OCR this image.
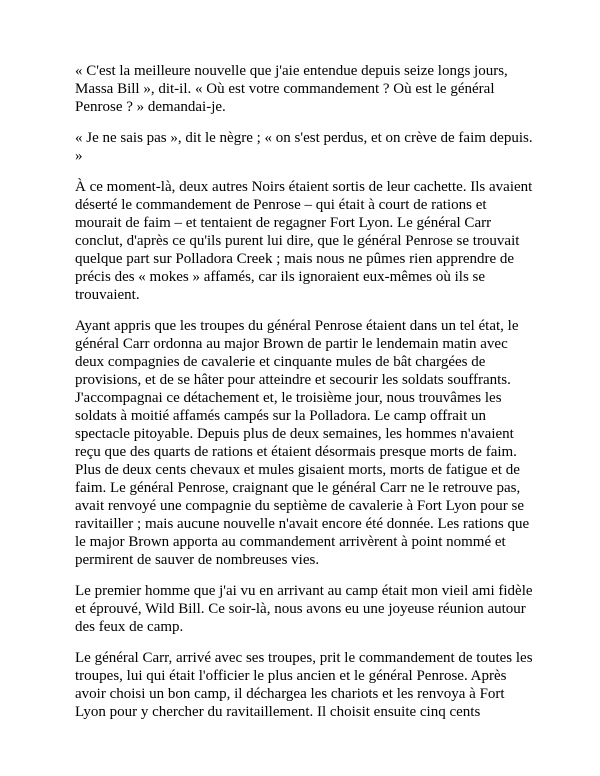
« C'est la meilleure nouvelle que j'aie entendue depuis seize longs jours,
Massa Bill », dit-il. « Où est votre commandement ? Où est le général
Penrose ? » demandai-je.

« Je ne sais pas », dit le nègre ; « on s'est perdus, et on crève de faim depuis.
»

À ce moment-là, deux autres Noirs étaient sortis de leur cachette. Ils avaient
déserté le commandement de Penrose – qui était à court de rations et
mourait de faim – et tentaient de regagner Fort Lyon. Le général Carr
conclut, d'après ce qu'ils purent lui dire, que le général Penrose se trouvait
quelque part sur Polladora Creek ; mais nous ne pûmes rien apprendre de
précis des « mokes » affamés, car ils ignoraient eux-mêmes où ils se
trouvaient.

Ayant appris que les troupes du général Penrose étaient dans un tel état, le
général Carr ordonna au major Brown de partir le lendemain matin avec
deux compagnies de cavalerie et cinquante mules de bât chargées de
provisions, et de se hâter pour atteindre et secourir les soldats souffrants.
J'accompagnai ce détachement et, le troisième jour, nous trouvâmes les
soldats à moitié affamés campés sur la Polladora. Le camp offrait un
spectacle pitoyable. Depuis plus de deux semaines, les hommes n'avaient
reçu que des quarts de rations et étaient désormais presque morts de faim.
Plus de deux cents chevaux et mules gisaient morts, morts de fatigue et de
faim. Le général Penrose, craignant que le général Carr ne le retrouve pas,
avait renvoyé une compagnie du septième de cavalerie à Fort Lyon pour se
ravitailler ; mais aucune nouvelle n'avait encore été donnée. Les rations que
le major Brown apporta au commandement arrivèrent à point nommé et
permirent de sauver de nombreuses vies.

Le premier homme que j'ai vu en arrivant au camp était mon vieil ami fidèle
et éprouvé, Wild Bill. Ce soir-là, nous avons eu une joyeuse réunion autour
des feux de camp.

Le général Carr, arrivé avec ses troupes, prit le commandement de toutes les
troupes, lui qui était l'officier le plus ancien et le général Penrose. Après
avoir choisi un bon camp, il déchargea les chariots et les renvoya à Fort
Lyon pour y chercher du ravitaillement. Il choisit ensuite cinq cents
